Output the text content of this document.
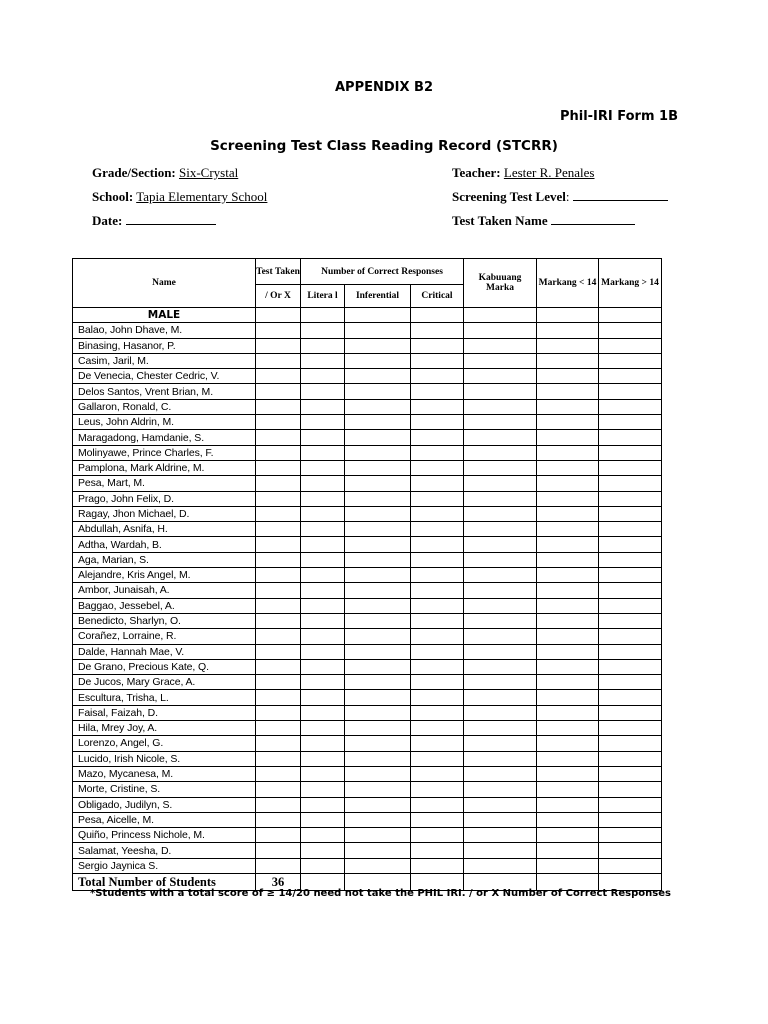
APPENDIX B2
Phil-IRI Form 1B
Screening Test Class Reading Record (STCRR)
Grade/Section: Six-Crystal	Teacher: Lester R. Penales
School: Tapia Elementary School	Screening Test Level:
Date:	Test Taken Name
Name	Test Taken	Number of Correct Responses			Kabuuang Marka	Markang < 14	Markang > 14
	/ Or X	Litera l	Inferential	Critical			
MALE							
Balao, John Dhave, M.							
Binasing, Hasanor, P.							
Casim, Jaril, M.							
De Venecia, Chester Cedric, V.							
Delos Santos, Vrent Brian, M.							
Gallaron, Ronald, C.							
Leus, John Aldrin, M.							
Maragadong, Hamdanie, S.							
Molinyawe, Prince Charles, F.							
Pamplona, Mark Aldrine, M.							
Pesa, Mart, M.							
Prago, John Felix, D.							
Ragay, Jhon Michael, D.							
Abdullah, Asnifa, H.							
Adtha, Wardah, B.							
Aga, Marian, S.							
Alejandre, Kris Angel, M.							
Ambor, Junaisah, A.							
Baggao, Jessebel, A.							
Benedicto, Sharlyn, O.							
Corañez, Lorraine, R.							
Dalde, Hannah Mae, V.							
De Grano, Precious Kate, Q.							
De Jucos, Mary Grace, A.							
Escultura, Trisha, L.							
Faisal, Faizah, D.							
Hila, Mrey Joy, A.							
Lorenzo, Angel, G.							
Lucido, Irish Nicole, S.							
Mazo, Mycanesa, M.							
Morte, Cristine, S.							
Obligado, Judilyn, S.							
Pesa, Aicelle, M.							
Quiño, Princess Nichole, M.							
Salamat, Yeesha, D.							
Sergio Jaynica S.							
Total Number of Students	36						
*Students with a total score of ≥ 14/20 need not take the PHIL IRI. / or X Number of Correct Responses
